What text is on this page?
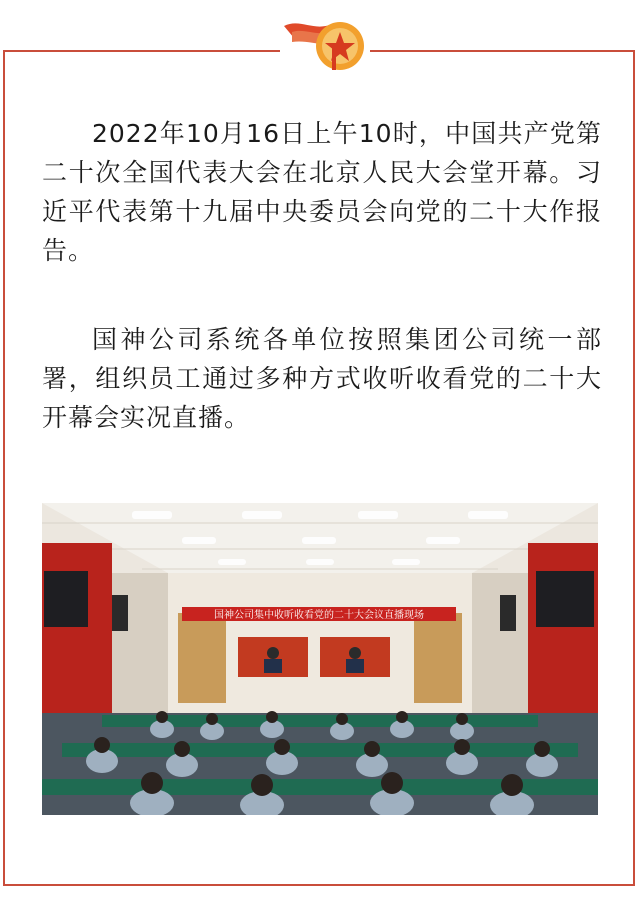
2022年10月16日上午10时，中国共产党第二十次全国代表大会在北京人民大会堂开幕。习近平代表第十九届中央委员会向党的二十大作报告。

国神公司系统各单位按照集团公司统一部署，组织员工通过多种方式收听收看党的二十大开幕会实况直播。

国神公司集中收听收看党的二十大会议直播现场
